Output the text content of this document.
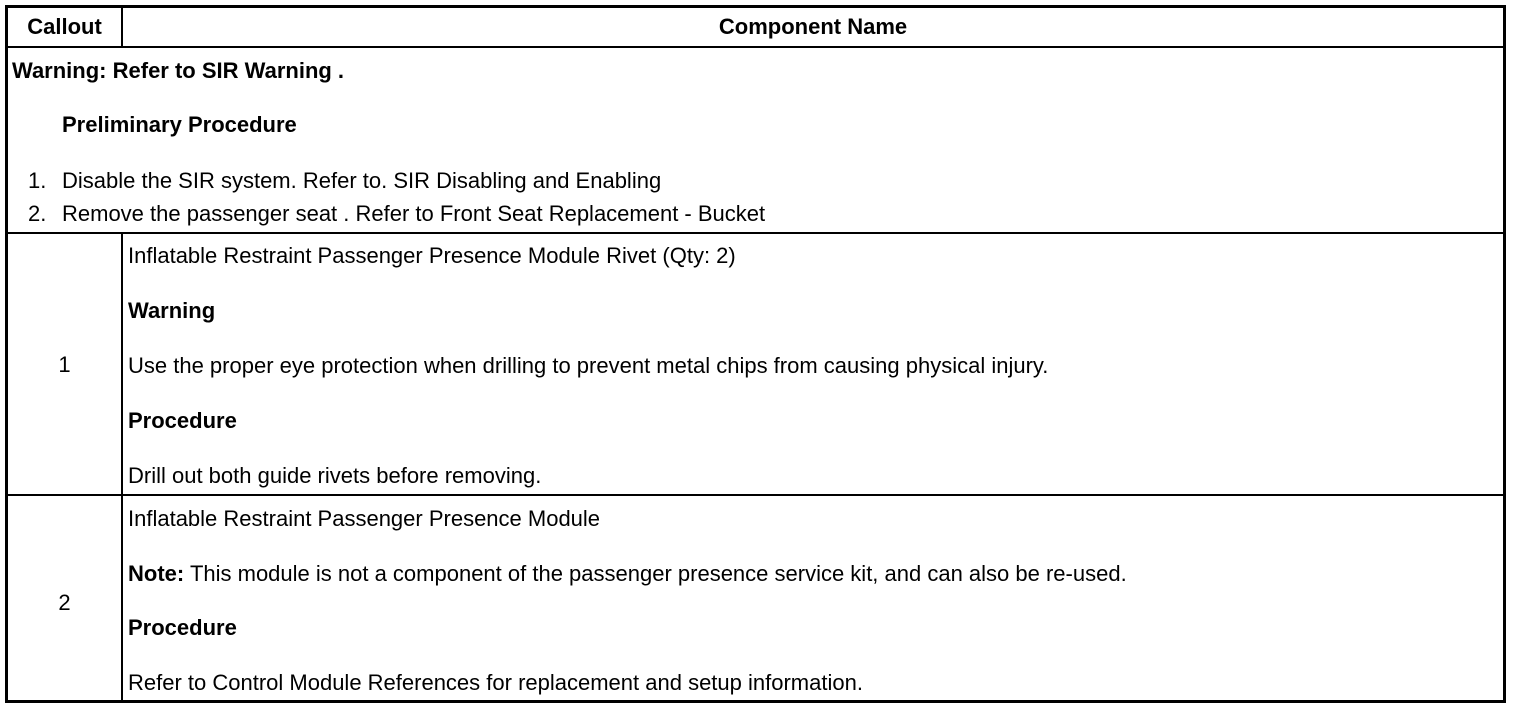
Callout	Component Name
Warning: Refer to SIR Warning .
Preliminary Procedure
1. Disable the SIR system. Refer to. SIR Disabling and Enabling
2. Remove the passenger seat . Refer to Front Seat Replacement - Bucket
1
Inflatable Restraint Passenger Presence Module Rivet (Qty: 2)
Warning
Use the proper eye protection when drilling to prevent metal chips from causing physical injury.
Procedure
Drill out both guide rivets before removing.
2
Inflatable Restraint Passenger Presence Module
Note: This module is not a component of the passenger presence service kit, and can also be re-used.
Procedure
Refer to Control Module References for replacement and setup information.
